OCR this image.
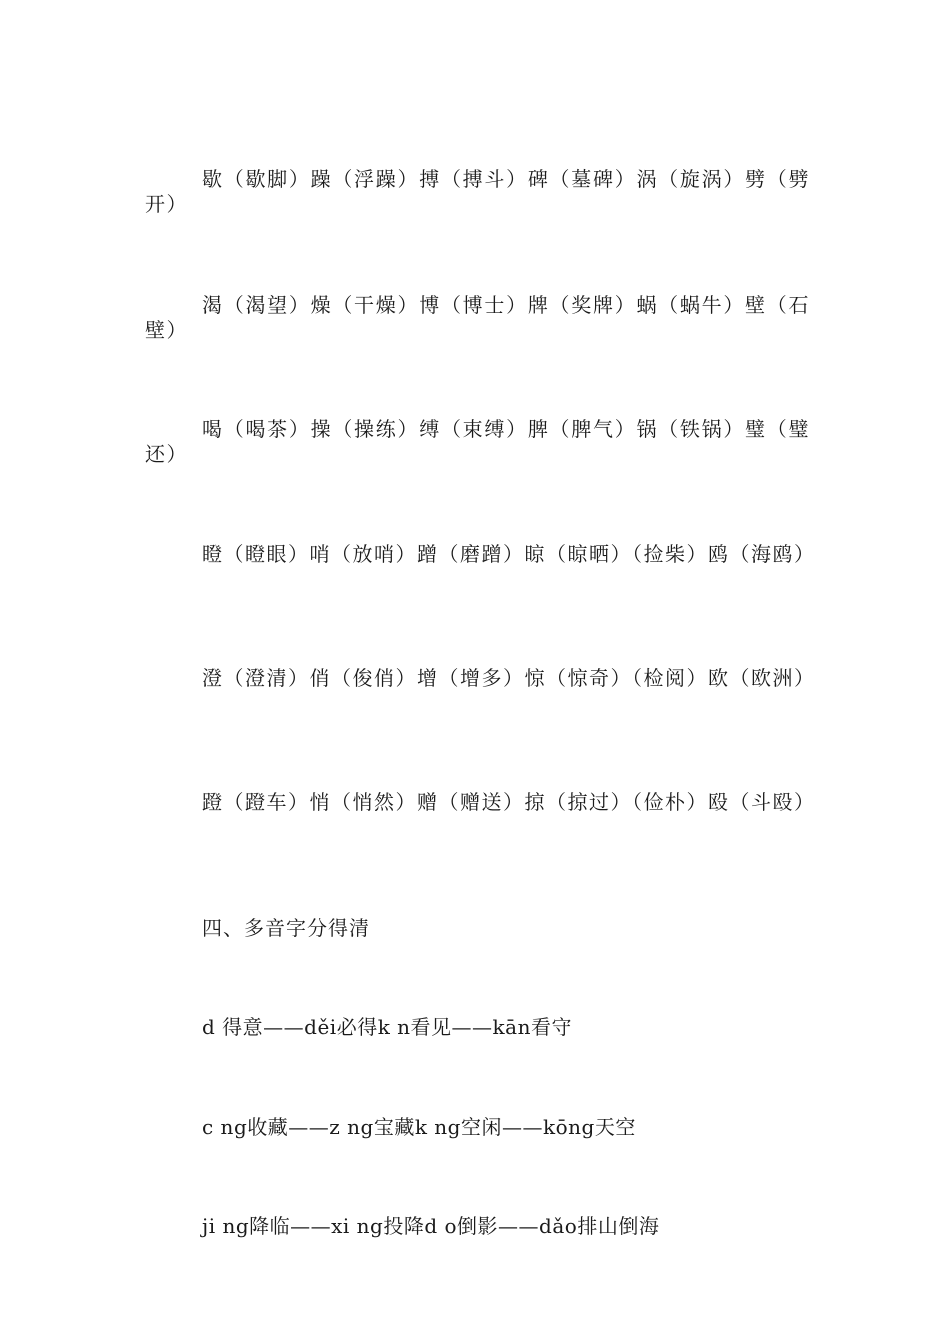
歇（歇脚）躁（浮躁）搏（搏斗）碑（墓碑）涡（旋涡）劈（劈开）

渴（渴望）燥（干燥）博（博士）牌（奖牌）蜗（蜗牛）壁（石壁）

喝（喝茶）操（操练）缚（束缚）脾（脾气）锅（铁锅）璧（璧还）

瞪（瞪眼）哨（放哨）蹭（磨蹭）晾（晾晒）（捡柴）鸥（海鸥）

澄（澄清）俏（俊俏）增（增多）惊（惊奇）（检阅）欧（欧洲）

蹬（蹬车）悄（悄然）赠（赠送）掠（掠过）（俭朴）殴（斗殴）

四、多音字分得清

d 得意——děi必得k n看见——kān看守

c ng收藏——z ng宝藏k ng空闲——kōng天空

ji ng降临——xi ng投降d o倒影——dǎo排山倒海
